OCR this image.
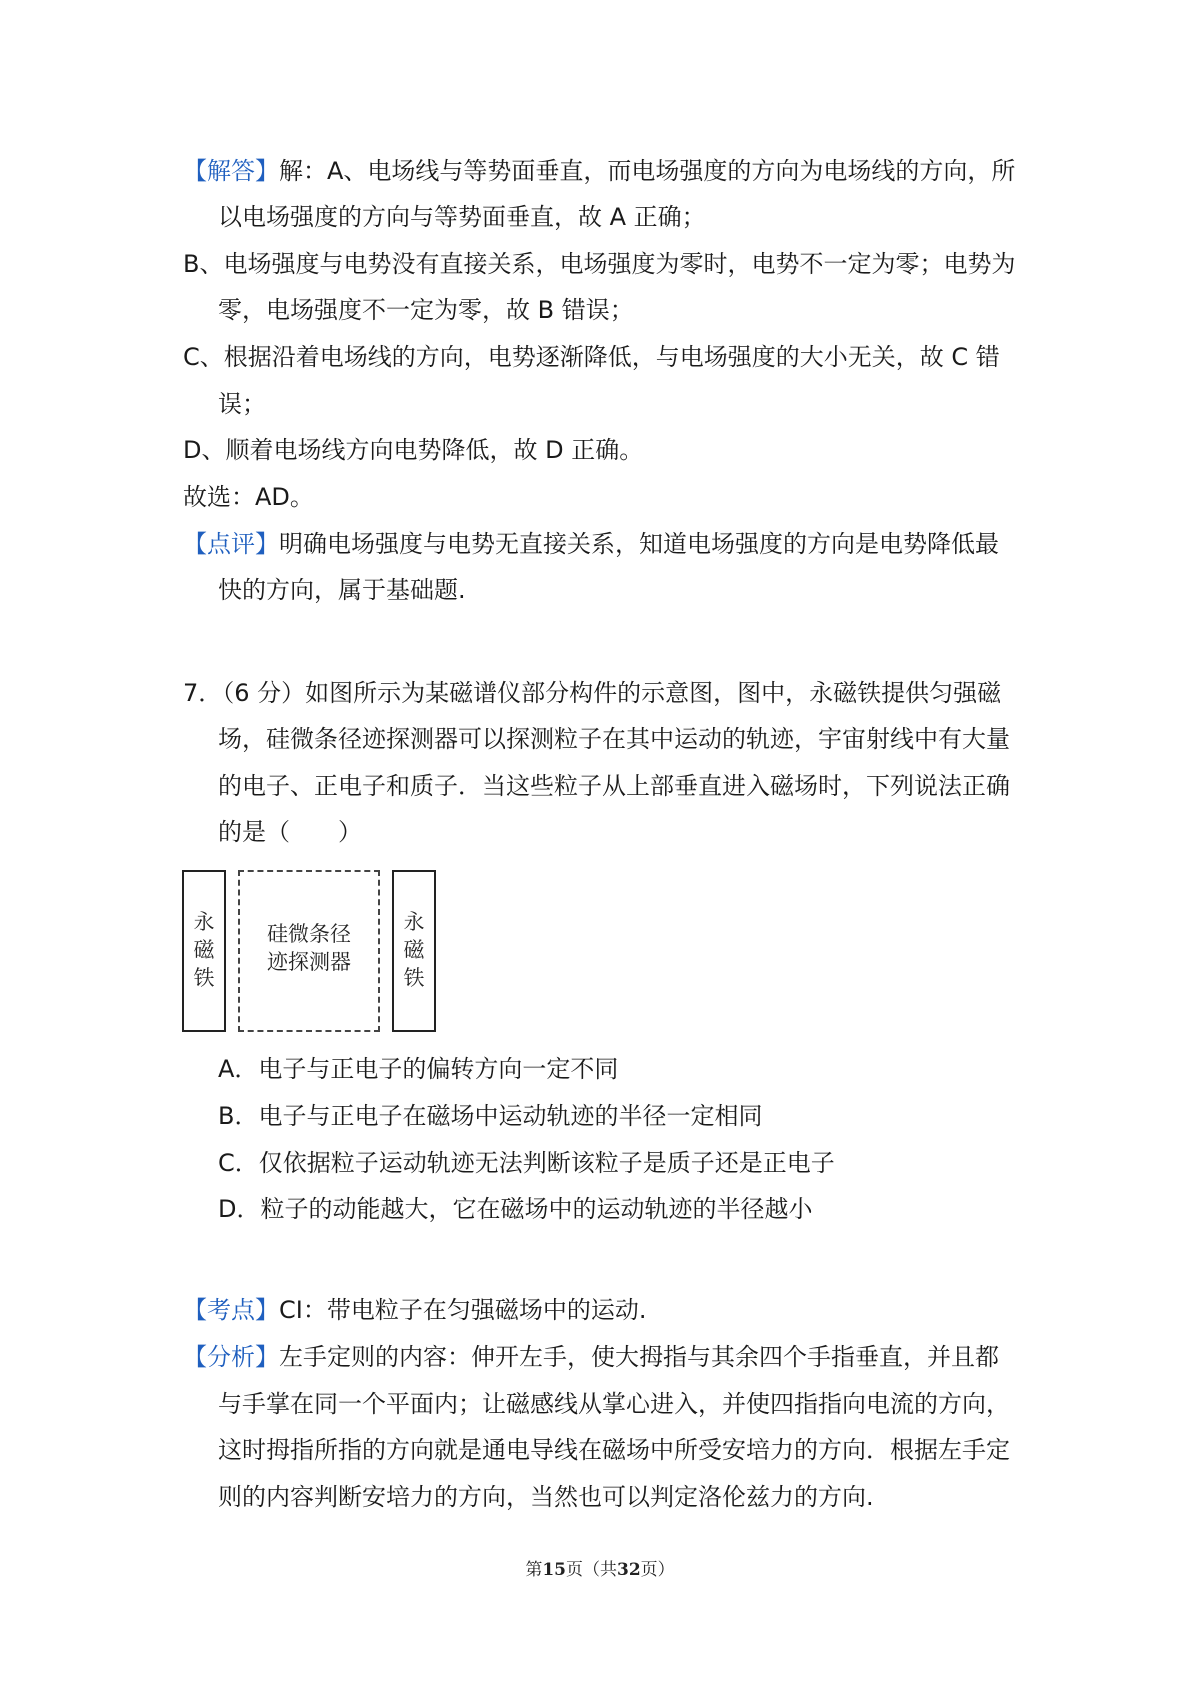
【解答】解：A、电场线与等势面垂直，而电场强度的方向为电场线的方向，所
以电场强度的方向与等势面垂直，故 A 正确；
B、电场强度与电势没有直接关系，电场强度为零时，电势不一定为零；电势为
零，电场强度不一定为零，故 B 错误；
C、根据沿着电场线的方向，电势逐渐降低，与电场强度的大小无关，故 C 错
误；
D、顺着电场线方向电势降低，故 D 正确。
故选：AD。
【点评】明确电场强度与电势无直接关系，知道电场强度的方向是电势降低最
快的方向，属于基础题.
7．（6 分）如图所示为某磁谱仪部分构件的示意图，图中，永磁铁提供匀强磁
场，硅微条径迹探测器可以探测粒子在其中运动的轨迹，宇宙射线中有大量
的电子、正电子和质子．当这些粒子从上部垂直进入磁场时，下列说法正确
的是（　　）
永
磁
铁
硅微条径
迹探测器
永
磁
铁
A．电子与正电子的偏转方向一定不同
B．电子与正电子在磁场中运动轨迹的半径一定相同
C．仅依据粒子运动轨迹无法判断该粒子是质子还是正电子
D．粒子的动能越大，它在磁场中的运动轨迹的半径越小
【考点】CI：带电粒子在匀强磁场中的运动.
【分析】左手定则的内容：伸开左手，使大拇指与其余四个手指垂直，并且都
与手掌在同一个平面内；让磁感线从掌心进入，并使四指指向电流的方向，
这时拇指所指的方向就是通电导线在磁场中所受安培力的方向．根据左手定
则的内容判断安培力的方向，当然也可以判定洛伦兹力的方向.
第15页（共32页）
